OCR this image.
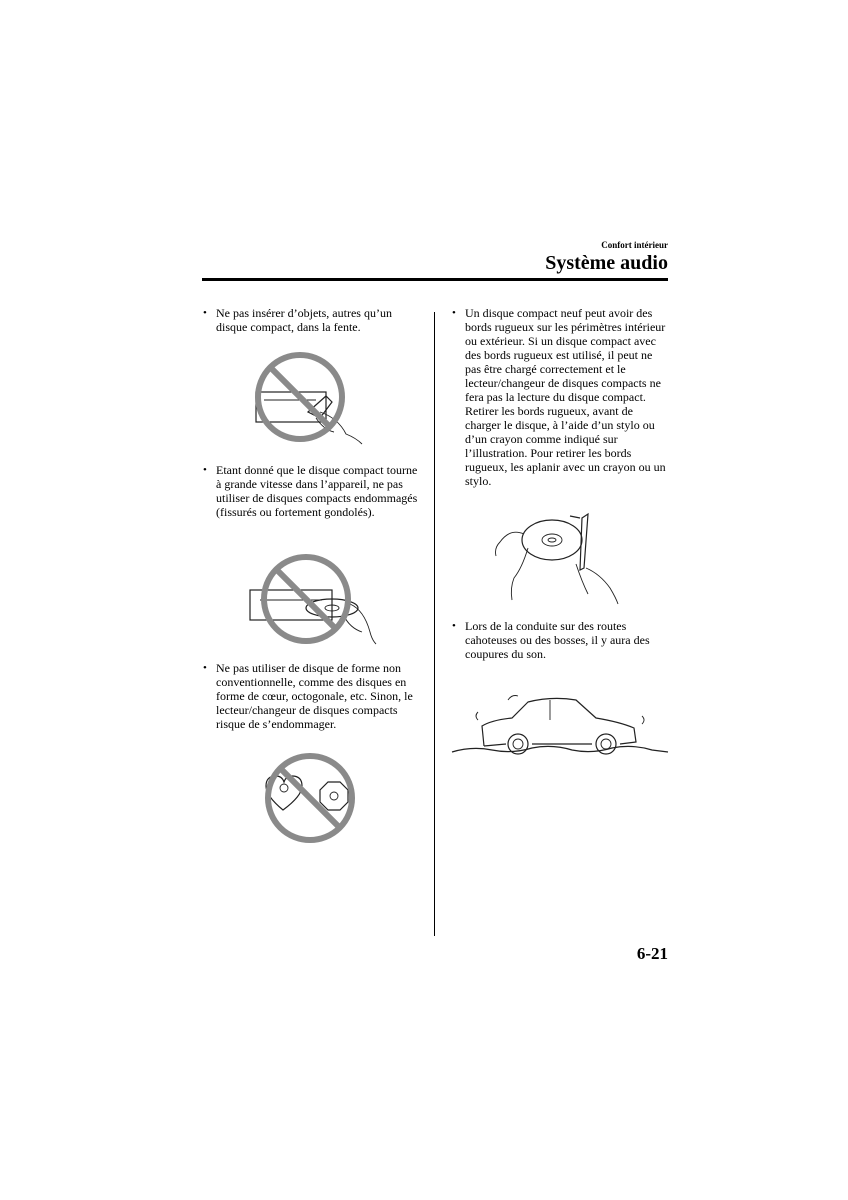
Confort intérieur
Système audio
• Ne pas insérer d’objets, autres qu’un disque compact, dans la fente.
• Etant donné que le disque compact tourne à grande vitesse dans l’appareil, ne pas utiliser de disques compacts endommagés (fissurés ou fortement gondolés).
• Ne pas utiliser de disque de forme non conventionnelle, comme des disques en forme de cœur, octogonale, etc. Sinon, le lecteur/changeur de disques compacts risque de s’endommager.
• Un disque compact neuf peut avoir des bords rugueux sur les périmètres intérieur ou extérieur. Si un disque compact avec des bords rugueux est utilisé, il peut ne pas être chargé correctement et le lecteur/changeur de disques compacts ne fera pas la lecture du disque compact. Retirer les bords rugueux, avant de charger le disque, à l’aide d’un stylo ou d’un crayon comme indiqué sur l’illustration. Pour retirer les bords rugueux, les aplanir avec un crayon ou un stylo.
• Lors de la conduite sur des routes cahoteuses ou des bosses, il y aura des coupures du son.
6-21
